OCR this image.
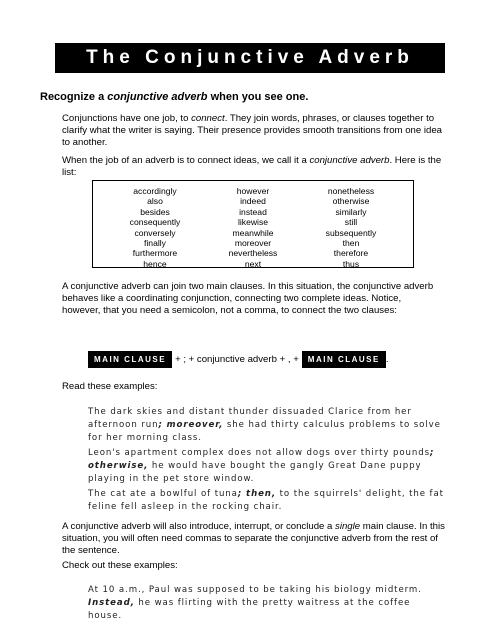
The Conjunctive Adverb
Recognize a conjunctive adverb when you see one.

Conjunctions have one job, to connect. They join words, phrases, or clauses together to clarify what the writer is saying. Their presence provides smooth transitions from one idea to another.

When the job of an adverb is to connect ideas, we call it a conjunctive adverb. Here is the list:

accordingly
also
besides
consequently
conversely
finally
furthermore
hence
however
indeed
instead
likewise
meanwhile
moreover
nevertheless
next
nonetheless
otherwise
similarly
still
subsequently
then
therefore
thus

A conjunctive adverb can join two main clauses. In this situation, the conjunctive adverb behaves like a coordinating conjunction, connecting two complete ideas. Notice, however, that you need a semicolon, not a comma, to connect the two clauses:

MAIN CLAUSE + ; + conjunctive adverb + , +	MAIN CLAUSE .

Read these examples:

The dark skies and distant thunder dissuaded Clarice from her afternoon run; moreover, she had thirty calculus problems to solve for her morning class.

Leon's apartment complex does not allow dogs over thirty pounds; otherwise, he would have bought the gangly Great Dane puppy playing in the pet store window.

The cat ate a bowlful of tuna; then, to the squirrels' delight, the fat feline fell asleep in the rocking chair.

A conjunctive adverb will also introduce, interrupt, or conclude a single main clause. In this situation, you will often need commas to separate the conjunctive adverb from the rest of the sentence.

Check out these examples:

At 10 a.m., Paul was supposed to be taking his biology midterm. Instead, he was flirting with the pretty waitress at the coffee house.
